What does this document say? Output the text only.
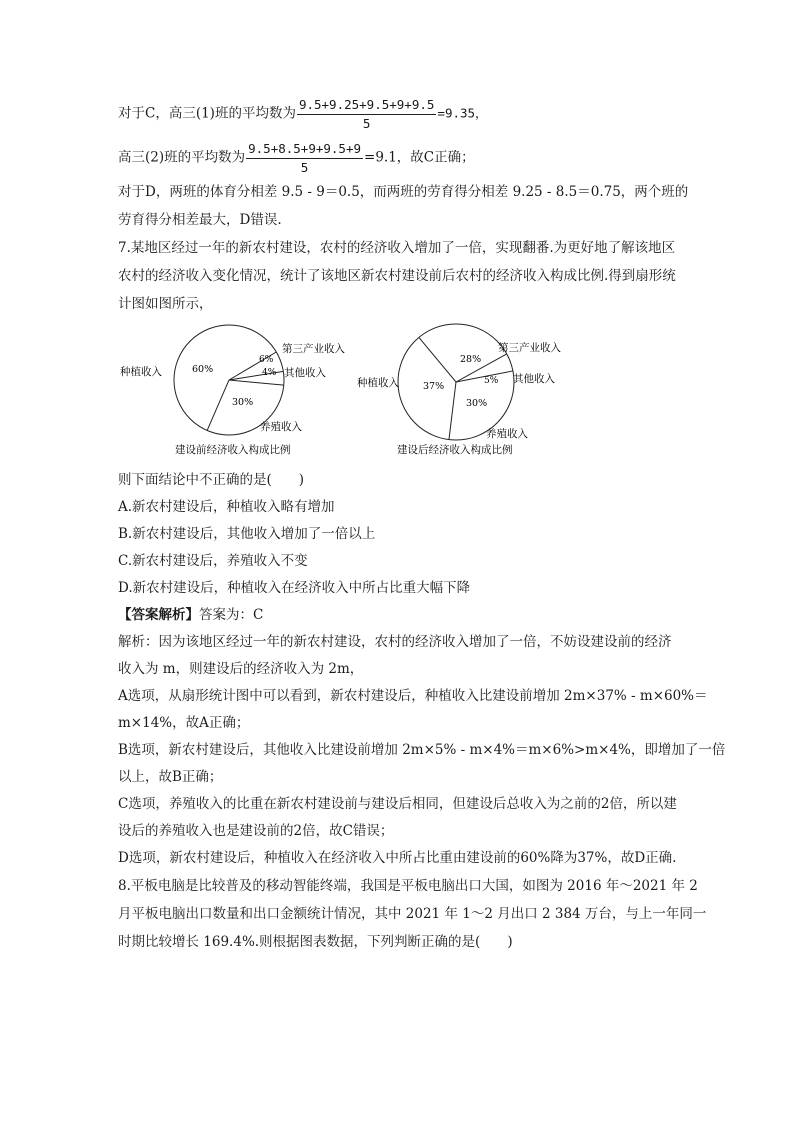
对于C，高三(1)班的平均数为 $\frac{9.5+9.25+9.5+9+9.5}{5} =9.35$，
高三(2)班的平均数为 $\frac{9.5+8.5+9+9.5+9}{5} =9.1$，故C正确；
对于D，两班的体育分相差 9.5 - 9＝0.5，而两班的劳育得分相差 9.25 - 8.5＝0.75，两个班的
劳育得分相差最大，D错误.
7.某地区经过一年的新农村建设，农村的经济收入增加了一倍，实现翻番.为更好地了解该地区
农村的经济收入变化情况，统计了该地区新农村建设前后农村的经济收入构成比例.得到扇形统
计图如图所示，
种植收入
第三产业收入
其他收入
养殖收入
60%
6%
4%
30%
建设前经济收入构成比例
种植收入
第三产业收入
其他收入
养殖收入
37%
28%
5%
30%
建设后经济收入构成比例
则下面结论中不正确的是(　　)
A.新农村建设后，种植收入略有增加
B.新农村建设后，其他收入增加了一倍以上
C.新农村建设后，养殖收入不变
D.新农村建设后，种植收入在经济收入中所占比重大幅下降
【答案解析】答案为：C
解析：因为该地区经过一年的新农村建设，农村的经济收入增加了一倍，不妨设建设前的经济
收入为 m，则建设后的经济收入为 2m，
A选项，从扇形统计图中可以看到，新农村建设后，种植收入比建设前增加 2m×37% - m×60%＝
m×14%，故A正确；
B选项，新农村建设后，其他收入比建设前增加 2m×5% - m×4%＝m×6%>m×4%，即增加了一倍
以上，故B正确；
C选项，养殖收入的比重在新农村建设前与建设后相同，但建设后总收入为之前的2倍，所以建
设后的养殖收入也是建设前的2倍，故C错误；
D选项，新农村建设后，种植收入在经济收入中所占比重由建设前的60%降为37%，故D正确.
8.平板电脑是比较普及的移动智能终端，我国是平板电脑出口大国，如图为 2016 年～2021 年 2
月平板电脑出口数量和出口金额统计情况，其中 2021 年 1～2 月出口 2 384 万台，与上一年同一
时期比较增长 169.4%.则根据图表数据，下列判断正确的是(　　)
